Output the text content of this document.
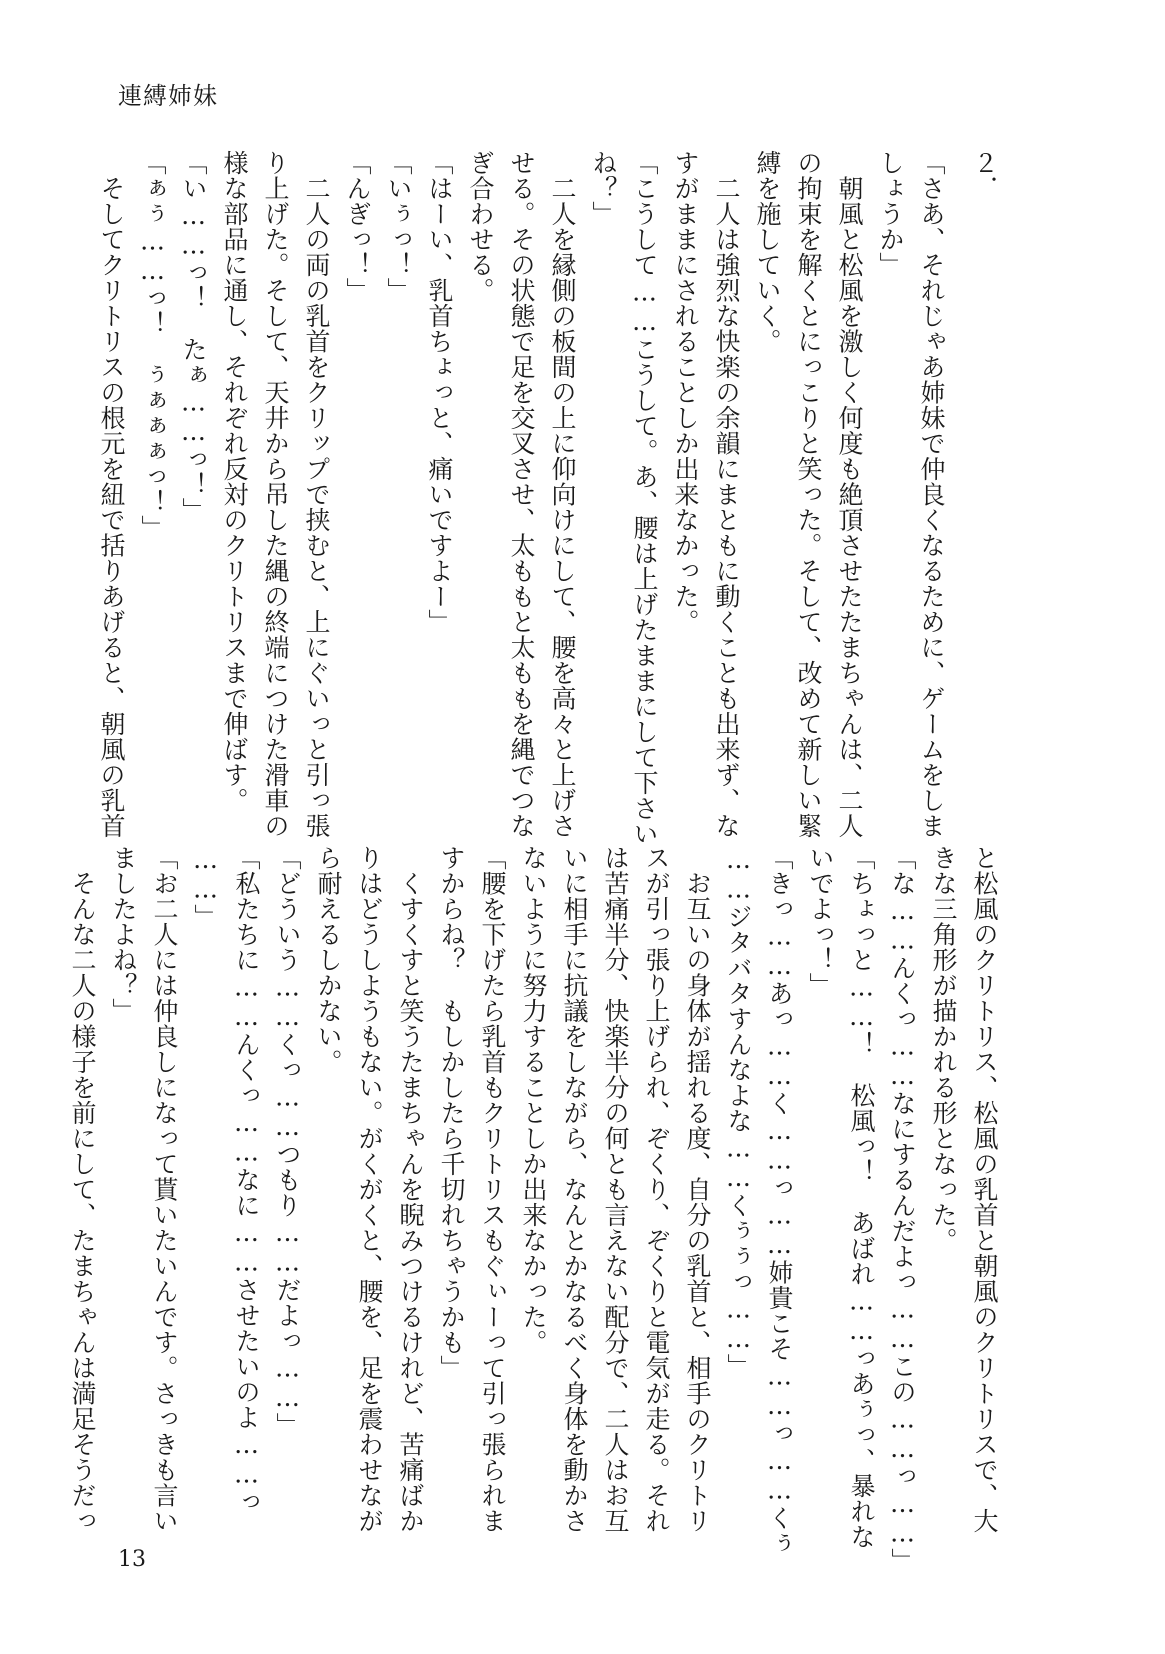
連縛姉妹
２．
「さあ、それじゃあ姉妹で仲良くなるために、ゲームをしま
しょうか」
　朝風と松風を激しく何度も絶頂させたたまちゃんは、二人
の拘束を解くとにっこりと笑った。そして、改めて新しい緊
縛を施していく。
　二人は強烈な快楽の余韻にまともに動くことも出来ず、な
すがままにされることしか出来なかった。
「こうして……こうして。あ、腰は上げたままにして下さい
ね？」
　二人を縁側の板間の上に仰向けにして、腰を高々と上げさ
せる。その状態で足を交叉させ、太ももと太ももを縄でつな
ぎ合わせる。
「はーい、乳首ちょっと、痛いですよー」
「いぅっ！」
「んぎっ！」
　二人の両の乳首をクリップで挟むと、上にぐいっと引っ張
り上げた。そして、天井から吊した縄の終端につけた滑車の
様な部品に通し、それぞれ反対のクリトリスまで伸ばす。
「い……っ！　たぁ……っ！」
「ぁぅ……っ！　ぅぁぁぁっ！」
　そしてクリトリスの根元を紐で括りあげると、朝風の乳首
と松風のクリトリス、松風の乳首と朝風のクリトリスで、大
きな三角形が描かれる形となった。
「な……んくっ……なにするんだよっ……この……っ……」
「ちょっと……！　松風っ！　あばれ……っあぅっ、暴れな
いでよっ！」
「きっ……あっ……く……っ……姉貴こそ……っ……くぅ
……ジタバタすんなよな……くぅぅっ……」
　お互いの身体が揺れる度、自分の乳首と、相手のクリトリ
スが引っ張り上げられ、ぞくり、ぞくりと電気が走る。それ
は苦痛半分、快楽半分の何とも言えない配分で、二人はお互
いに相手に抗議をしながら、なんとかなるべく身体を動かさ
ないように努力することしか出来なかった。
「腰を下げたら乳首もクリトリスもぐぃーって引っ張られま
すからね？　もしかしたら千切れちゃうかも」
　くすくすと笑うたまちゃんを睨みつけるけれど、苦痛ばか
りはどうしようもない。がくがくと、腰を、足を震わせなが
ら耐えるしかない。
「どういう……くっ……つもり……だよっ……」
「私たちに……んくっ……なに……させたいのよ……っ
……」
「お二人には仲良しになって貰いたいんです。さっきも言い
ましたよね？」
　そんな二人の様子を前にして、たまちゃんは満足そうだっ
13
